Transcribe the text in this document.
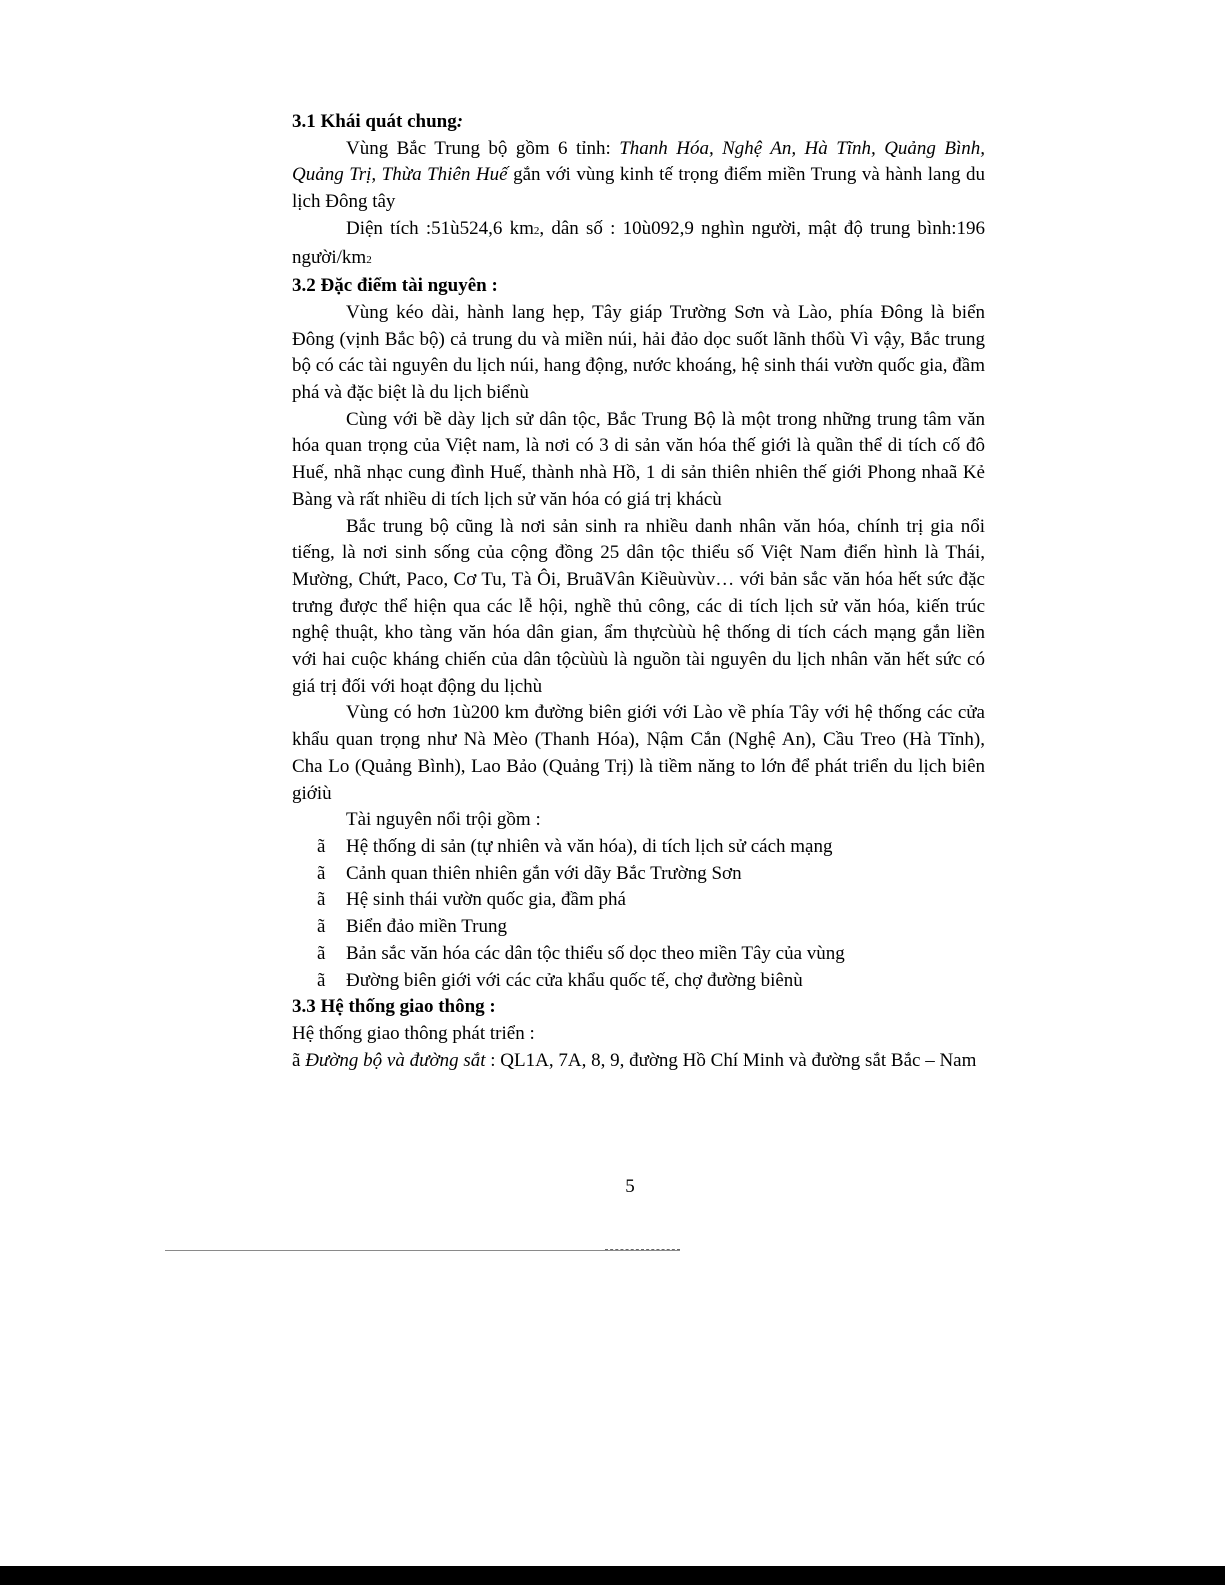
3.1 Khái quát chung:

Vùng Bắc Trung bộ gồm 6 tỉnh: Thanh Hóa, Nghệ An, Hà Tĩnh, Quảng Bình, Quảng Trị, Thừa Thiên Huế gắn với vùng kinh tế trọng điểm miền Trung và hành lang du lịch Đông tây

Diện tích :51ù524,6 km2, dân số : 10ù092,9 nghìn người, mật độ trung bình:196 người/km2

3.2 Đặc điểm tài nguyên :

Vùng kéo dài, hành lang hẹp, Tây giáp Trường Sơn và Lào, phía Đông là biển Đông (vịnh Bắc bộ) cả trung du và miền núi, hải đảo dọc suốt lãnh thổù Vì vậy, Bắc trung bộ có các tài nguyên du lịch núi, hang động, nước khoáng, hệ sinh thái vườn quốc gia, đầm phá và đặc biệt là du lịch biểnù

Cùng với bề dày lịch sử dân tộc, Bắc Trung Bộ là một trong những trung tâm văn hóa quan trọng của Việt nam, là nơi có 3 di sản văn hóa thế giới là quần thể di tích cố đô Huế, nhã nhạc cung đình Huế, thành nhà Hồ, 1 di sản thiên nhiên thế giới Phong nhaã Kẻ Bàng và rất nhiều di tích lịch sử văn hóa có giá trị khácù

Bắc trung bộ cũng là nơi sản sinh ra nhiều danh nhân văn hóa, chính trị gia nổi tiếng, là nơi sinh sống của cộng đồng 25 dân tộc thiểu số Việt Nam điển hình là Thái, Mường, Chứt, Paco, Cơ Tu, Tà Ôi, BruãVân Kiềuùvùv… với bản sắc văn hóa hết sức đặc trưng được thể hiện qua các lễ hội, nghề thủ công, các di tích lịch sử văn hóa, kiến trúc nghệ thuật, kho tàng văn hóa dân gian, ẩm thựcùùù hệ thống di tích cách mạng gắn liền với hai cuộc kháng chiến của dân tộcùùù là nguồn tài nguyên du lịch nhân văn hết sức có giá trị đối với hoạt động du lịchù

Vùng có hơn 1ù200 km đường biên giới với Lào về phía Tây với hệ thống các cửa khẩu quan trọng như Nà Mèo (Thanh Hóa), Nậm Cắn (Nghệ An), Cầu Treo (Hà Tĩnh), Cha Lo (Quảng Bình), Lao Bảo (Quảng Trị) là tiềm năng to lớn để phát triển du lịch biên giớiù

Tài nguyên nổi trội gồm :

ã Hệ thống di sản (tự nhiên và văn hóa), di tích lịch sử cách mạng
ã Cảnh quan thiên nhiên gắn với dãy Bắc Trường Sơn
ã Hệ sinh thái vườn quốc gia, đầm phá
ã Biển đảo miền Trung
ã Bản sắc văn hóa các dân tộc thiểu số dọc theo miền Tây của vùng
ã Đường biên giới với các cửa khẩu quốc tế, chợ đường biênù

3.3 Hệ thống giao thông :

Hệ thống giao thông phát triển :

ã Đường bộ và đường sắt : QL1A, 7A, 8, 9, đường Hồ Chí Minh và đường sắt Bắc – Nam

5
